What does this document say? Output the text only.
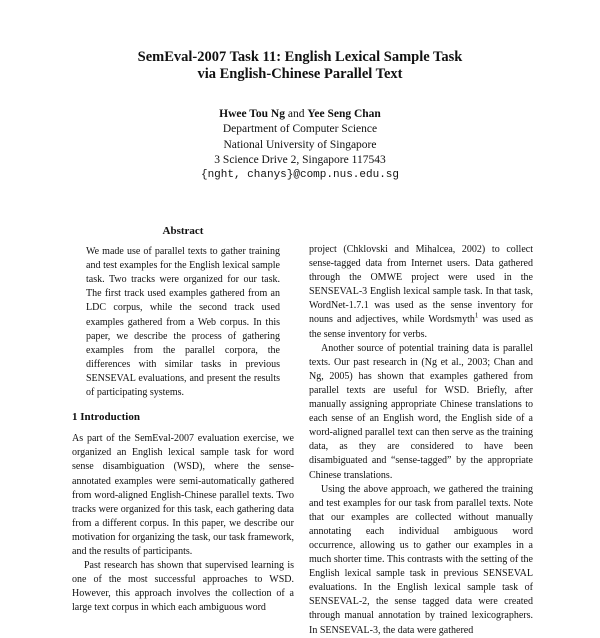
SemEval-2007 Task 11: English Lexical Sample Task
via English-Chinese Parallel Text
Hwee Tou Ng and Yee Seng Chan
Department of Computer Science
National University of Singapore
3 Science Drive 2, Singapore 117543
{nght, chanys}@comp.nus.edu.sg
Abstract

We made use of parallel texts to gather training and test examples for the English lexical sample task. Two tracks were organized for our task. The first track used examples gathered from an LDC corpus, while the second track used examples gathered from a Web corpus. In this paper, we describe the process of gathering examples from the parallel corpora, the differences with similar tasks in previous SENSEVAL evaluations, and present the results of participating systems.

1 Introduction

As part of the SemEval-2007 evaluation exercise, we organized an English lexical sample task for word sense disambiguation (WSD), where the sense-annotated examples were semi-automatically gathered from word-aligned English-Chinese parallel texts. Two tracks were organized for this task, each gathering data from a different corpus. In this paper, we describe our motivation for organizing the task, our task framework, and the results of participants.

Past research has shown that supervised learning is one of the most successful approaches to WSD. However, this approach involves the collection of a large text corpus in which each ambiguous word

project (Chklovski and Mihalcea, 2002) to collect sense-tagged data from Internet users. Data gathered through the OMWE project were used in the SENSEVAL-3 English lexical sample task. In that task, WordNet-1.7.1 was used as the sense inventory for nouns and adjectives, while Wordsmyth$^1$ was used as the sense inventory for verbs.

Another source of potential training data is parallel texts. Our past research in (Ng et al., 2003; Chan and Ng, 2005) has shown that examples gathered from parallel texts are useful for WSD. Briefly, after manually assigning appropriate Chinese translations to each sense of an English word, the English side of a word-aligned parallel text can then serve as the training data, as they are considered to have been disambiguated and “sense-tagged” by the appropriate Chinese translations.

Using the above approach, we gathered the training and test examples for our task from parallel texts. Note that our examples are collected without manually annotating each individual ambiguous word occurrence, allowing us to gather our examples in a much shorter time. This contrasts with the setting of the English lexical sample task in previous SENSEVAL evaluations. In the English lexical sample task of SENSEVAL-2, the sense tagged data were created through manual annotation by trained lexicographers. In SENSEVAL-3, the data were gathered
